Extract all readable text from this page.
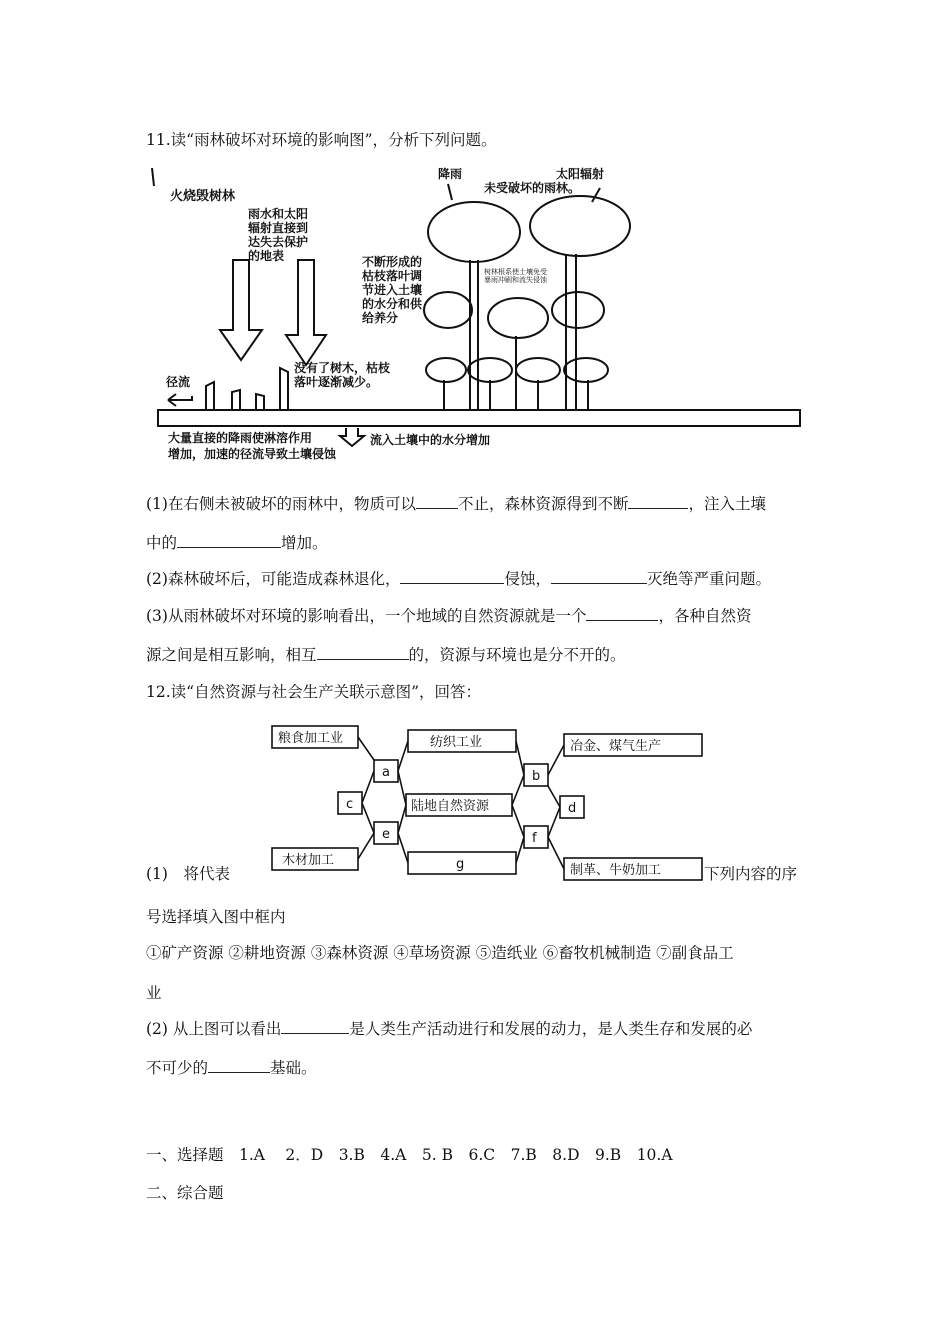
11.读“雨林破坏对环境的影响图”，分析下列问题。
火烧毁树林
雨水和太阳
辐射直接到
达失去保护
的地表
降雨	太阳辐射
未受破坏的雨林。
不断形成的
枯枝落叶调
节进入土壤
的水分和供
给养分
树林根系使土壤免受
暴雨冲刷和流失侵蚀
没有了树木，枯枝
落叶逐渐减少。
径流
大量直接的降雨使淋溶作用
增加，加速的径流导致土壤侵蚀
流入土壤中的水分增加
(1)在右侧未被破坏的雨林中，物质可以	不止，森林资源得到不断	，注入土壤
中的	增加。
(2)森林破坏后，可能造成森林退化，	侵蚀，	灭绝等严重问题。
(3)从雨林破坏对环境的影响看出，一个地域的自然资源就是一个	，各种自然资
源之间是相互影响，相互	的，资源与环境也是分不开的。
12.读“自然资源与社会生产关联示意图”，回答：
粮食加工业	纺织工业	冶金、煤气生产
陆地自然资源
木材加工
制革、牛奶加工
a	b
c	d
e	f
g
(1)　将代表	下列内容的序
号选择填入图中框内
①矿产资源 ②耕地资源 ③森林资源 ④草场资源 ⑤造纸业 ⑥畜牧机械制造 ⑦副食品工
业
(2) 从上图可以看出	是人类生产活动进行和发展的动力，是人类生存和发展的必
不可少的	基础。
一、选择题　1.A　 2．D　3.B　4.A　5. B　6.C　7.B　8.D　9.B　10.A
二、综合题
